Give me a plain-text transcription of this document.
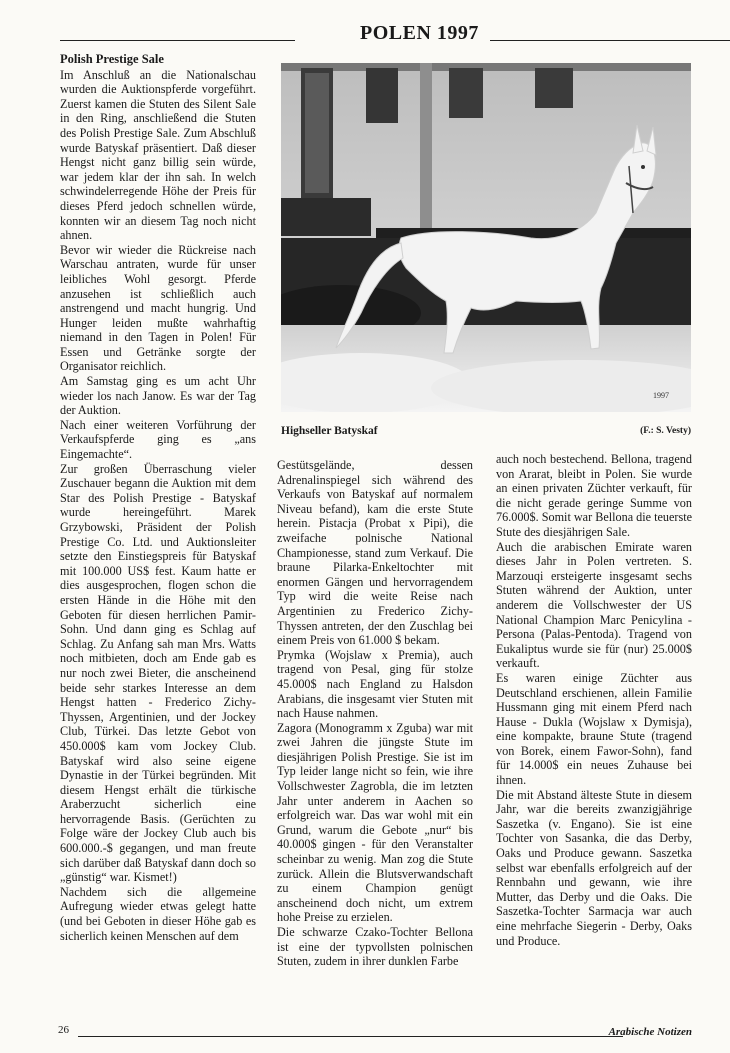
POLEN 1997
Polish Prestige Sale

Im Anschluß an die Nationalschau wurden die Auktionspferde vorgeführt. Zuerst kamen die Stuten des Silent Sale in den Ring, anschließend die Stuten des Polish Prestige Sale. Zum Abschluß wurde Batyskaf präsentiert. Daß dieser Hengst nicht ganz billig sein würde, war jedem klar der ihn sah. In welch schwindelerregende Höhe der Preis für dieses Pferd jedoch schnellen würde, konnten wir an diesem Tag noch nicht ahnen.

Bevor wir wieder die Rückreise nach Warschau antraten, wurde für unser leibliches Wohl gesorgt. Pferde anzusehen ist schließlich auch anstrengend und macht hungrig. Und Hunger leiden mußte wahrhaftig niemand in den Tagen in Polen! Für Essen und Getränke sorgte der Organisator reichlich.

Am Samstag ging es um acht Uhr wieder los nach Janow. Es war der Tag der Auktion.

Nach einer weiteren Vorführung der Verkaufspferde ging es „ans Eingemachte“.

Zur großen Überraschung vieler Zuschauer begann die Auktion mit dem Star des Polish Prestige - Batyskaf wurde hereingeführt. Marek Grzybowski, Präsident der Polish Prestige Co. Ltd. und Auktionsleiter setzte den Einstiegspreis für Batyskaf mit 100.000 US$ fest. Kaum hatte er dies ausgesprochen, flogen schon die ersten Hände in die Höhe mit den Geboten für diesen herrlichen Pamir-Sohn. Und dann ging es Schlag auf Schlag. Zu Anfang sah man Mrs. Watts noch mitbieten, doch am Ende gab es nur noch zwei Bieter, die anscheinend beide sehr starkes Interesse an dem Hengst hatten - Frederico Zichy-Thyssen, Argentinien, und der Jockey Club, Türkei. Das letzte Gebot von 450.000$ kam vom Jockey Club. Batyskaf wird also seine eigene Dynastie in der Türkei begründen. Mit diesem Hengst erhält die türkische Araberzucht sicherlich eine hervorragende Basis. (Gerüchten zu Folge wäre der Jockey Club auch bis 600.000.-$ gegangen, und man freute sich darüber daß Batyskaf dann doch so „günstig“ war. Kismet!)

Nachdem sich die allgemeine Aufregung wieder etwas gelegt hatte (und bei Geboten in dieser Höhe gab es sicherlich keinen Menschen auf dem

1997
Highseller Batyskaf	(F.: S. Vesty)

Gestütsgelände, dessen Adrenalinspiegel sich während des Verkaufs von Batyskaf auf normalem Niveau befand), kam die erste Stute herein. Pistacja (Probat x Pipi), die zweifache polnische National Championesse, stand zum Verkauf. Die braune Pilarka-Enkeltochter mit enormen Gängen und hervorragendem Typ wird die weite Reise nach Argentinien zu Frederico Zichy-Thyssen antreten, der den Zuschlag bei einem Preis von 61.000 $ bekam.

Prymka (Wojslaw x Premia), auch tragend von Pesal, ging für stolze 45.000$ nach England zu Halsdon Arabians, die insgesamt vier Stuten mit nach Hause nahmen.

Zagora (Monogramm x Zguba) war mit zwei Jahren die jüngste Stute im diesjährigen Polish Prestige. Sie ist im Typ leider lange nicht so fein, wie ihre Vollschwester Zagrobla, die im letzten Jahr unter anderem in Aachen so erfolgreich war. Das war wohl mit ein Grund, warum die Gebote „nur“ bis 40.000$ gingen - für den Veranstalter scheinbar zu wenig. Man zog die Stute zurück. Allein die Blutsverwandschaft zu einem Champion genügt anscheinend doch nicht, um extrem hohe Preise zu erzielen.

Die schwarze Czako-Tochter Bellona ist eine der typvollsten polnischen Stuten, zudem in ihrer dunklen Farbe

auch noch bestechend. Bellona, tragend von Ararat, bleibt in Polen. Sie wurde an einen privaten Züchter verkauft, für die nicht gerade geringe Summe von 76.000$. Somit war Bellona die teuerste Stute des diesjährigen Sale.

Auch die arabischen Emirate waren dieses Jahr in Polen vertreten. S. Marzouqi ersteigerte insgesamt sechs Stuten während der Auktion, unter anderem die Vollschwester der US National Champion Marc Penicylina - Persona (Palas-Pentoda). Tragend von Eukaliptus wurde sie für (nur) 25.000$ verkauft.

Es waren einige Züchter aus Deutschland erschienen, allein Familie Hussmann ging mit einem Pferd nach Hause - Dukla (Wojslaw x Dymisja), eine kompakte, braune Stute (tragend von Borek, einem Fawor-Sohn), fand für 14.000$ ein neues Zuhause bei ihnen.

Die mit Abstand älteste Stute in diesem Jahr, war die bereits zwanzigjährige Saszetka (v. Engano). Sie ist eine Tochter von Sasanka, die das Derby, Oaks und Produce gewann. Saszetka selbst war ebenfalls erfolgreich auf der Rennbahn und gewann, wie ihre Mutter, das Derby und die Oaks. Die Saszetka-Tochter Sarmacja war auch eine mehrfache Siegerin - Derby, Oaks und Produce.

26	Arabische Notizen
